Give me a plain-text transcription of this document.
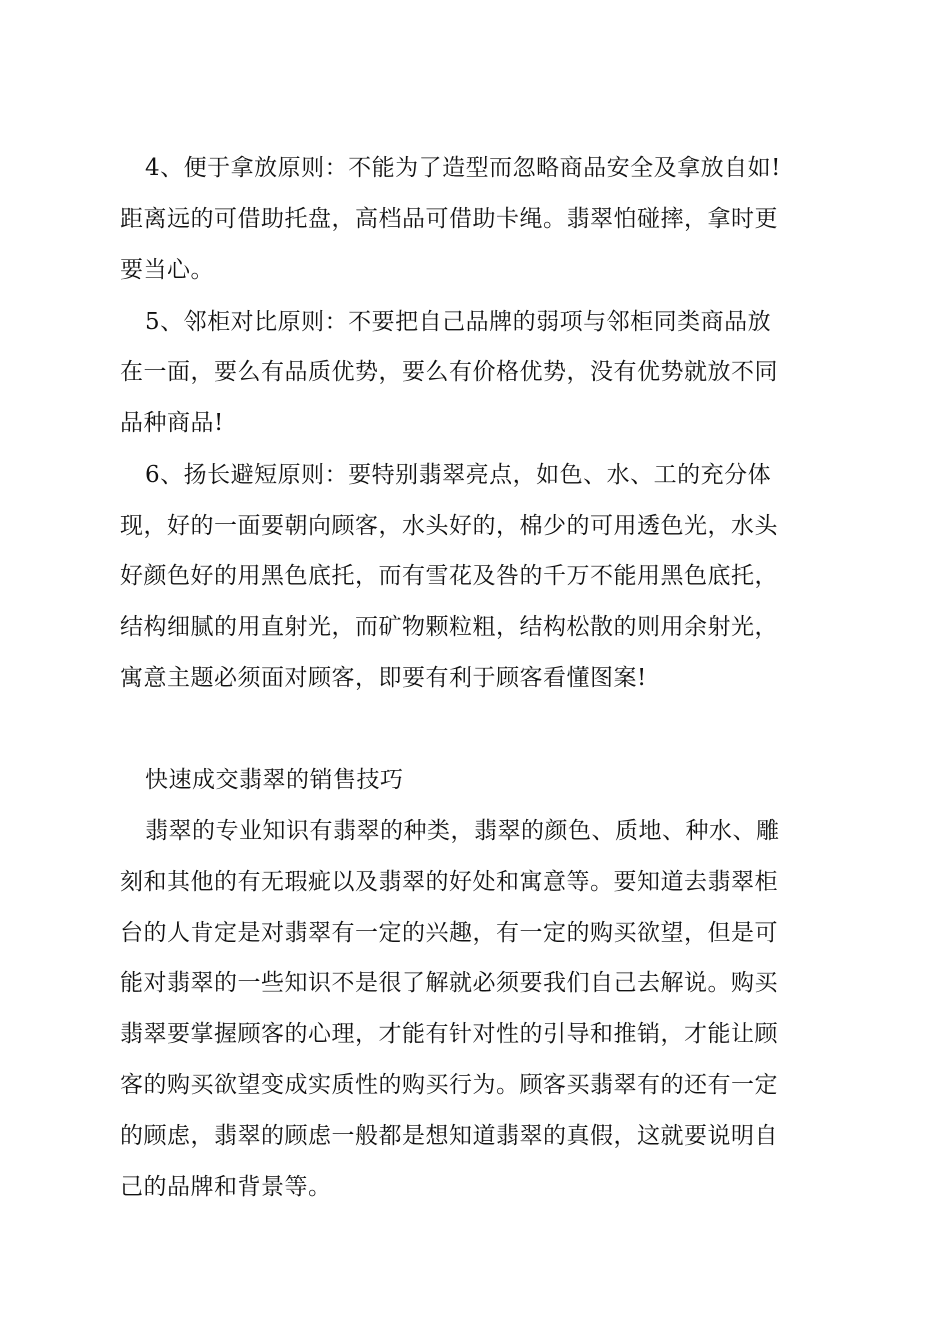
4、便于拿放原则：不能为了造型而忽略商品安全及拿放自如!
距离远的可借助托盘，高档品可借助卡绳。翡翠怕碰摔，拿时更
要当心。
5、邻柜对比原则：不要把自己品牌的弱项与邻柜同类商品放
在一面，要么有品质优势，要么有价格优势，没有优势就放不同
品种商品!
6、扬长避短原则：要特别翡翠亮点，如色、水、工的充分体
现，好的一面要朝向顾客，水头好的，棉少的可用透色光，水头
好颜色好的用黑色底托，而有雪花及咎的千万不能用黑色底托，
结构细腻的用直射光，而矿物颗粒粗，结构松散的则用余射光，
寓意主题必须面对顾客，即要有利于顾客看懂图案!
快速成交翡翠的销售技巧
翡翠的专业知识有翡翠的种类，翡翠的颜色、质地、种水、雕
刻和其他的有无瑕疵以及翡翠的好处和寓意等。要知道去翡翠柜
台的人肯定是对翡翠有一定的兴趣，有一定的购买欲望，但是可
能对翡翠的一些知识不是很了解就必须要我们自己去解说。购买
翡翠要掌握顾客的心理，才能有针对性的引导和推销，才能让顾
客的购买欲望变成实质性的购买行为。顾客买翡翠有的还有一定
的顾虑，翡翠的顾虑一般都是想知道翡翠的真假，这就要说明自
己的品牌和背景等。
